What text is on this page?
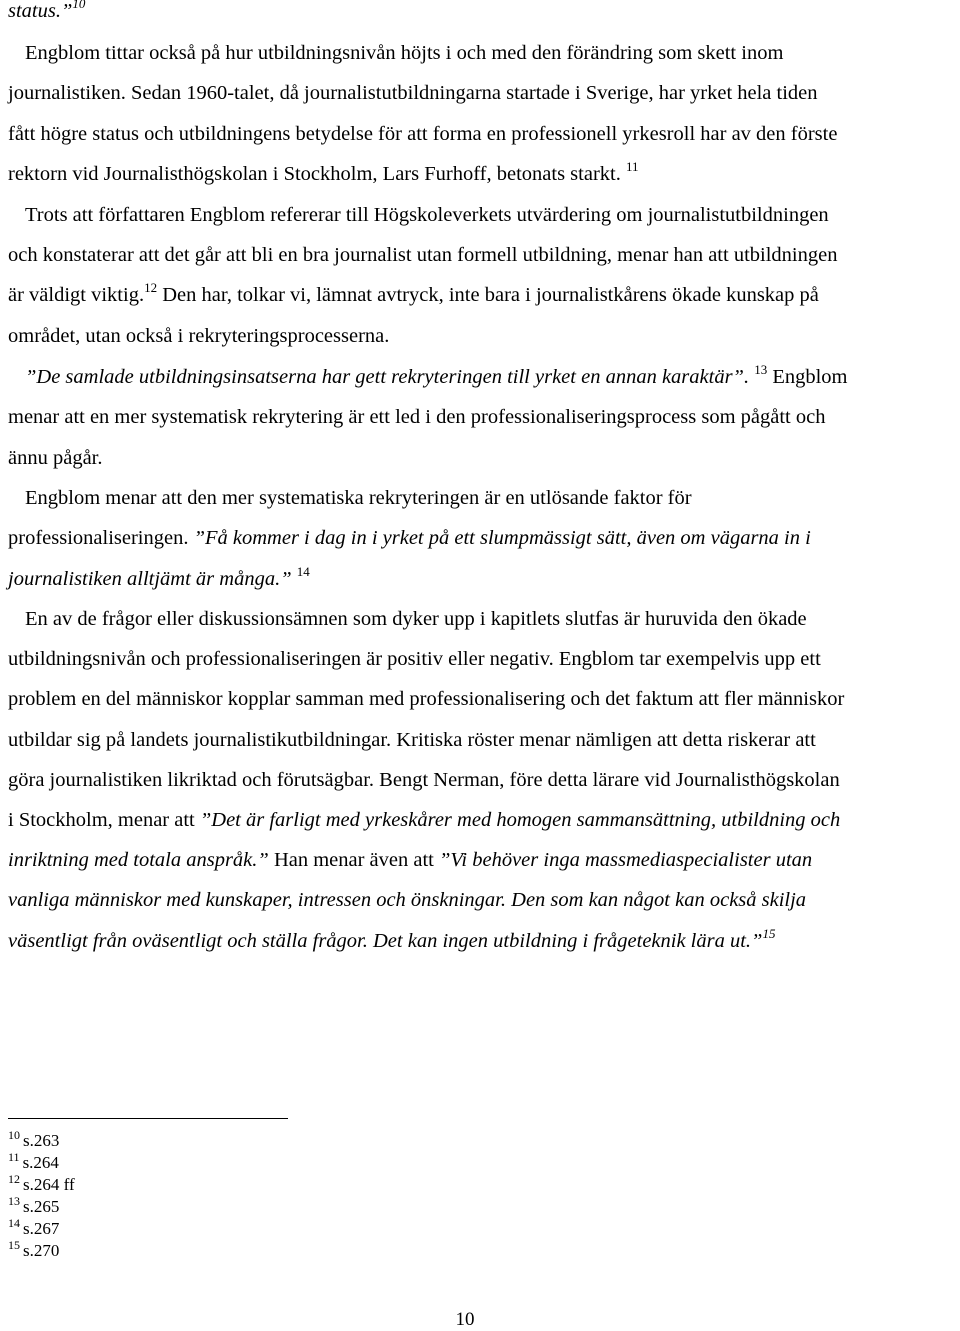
status.”$^{10}$
Engblom tittar också på hur utbildningsnivån höjts i och med den förändring som skett inom
journalistiken. Sedan 1960-talet, då journalistutbildningarna startade i Sverige, har yrket hela tiden
fått högre status och utbildningens betydelse för att forma en professionell yrkesroll har av den förste
rektorn vid Journalisthögskolan i Stockholm, Lars Furhoff, betonats starkt. $^{11}$
Trots att författaren Engblom refererar till Högskoleverkets utvärdering om journalistutbildningen
och konstaterar att det går att bli en bra journalist utan formell utbildning, menar han att utbildningen
är väldigt viktig.$^{12}$ Den har, tolkar vi, lämnat avtryck, inte bara i journalistkårens ökade kunskap på
området, utan också i rekryteringsprocesserna.
”De samlade utbildningsinsatserna har gett rekryteringen till yrket en annan karaktär”. $^{13}$ Engblom
menar att en mer systematisk rekrytering är ett led i den professionaliseringsprocess som pågått och
ännu pågår.
Engblom menar att den mer systematiska rekryteringen är en utlösande faktor för
professionaliseringen. ”Få kommer i dag in i yrket på ett slumpmässigt sätt, även om vägarna in i
journalistiken alltjämt är många.” $^{14}$
En av de frågor eller diskussionsämnen som dyker upp i kapitlets slutfas är huruvida den ökade
utbildningsnivån och professionaliseringen är positiv eller negativ. Engblom tar exempelvis upp ett
problem en del människor kopplar samman med professionalisering och det faktum att fler människor
utbildar sig på landets journalistikutbildningar. Kritiska röster menar nämligen att detta riskerar att
göra journalistiken likriktad och förutsägbar. Bengt Nerman, före detta lärare vid Journalisthögskolan
i Stockholm, menar att ”Det är farligt med yrkeskårer med homogen sammansättning, utbildning och
inriktning med totala anspråk.” Han menar även att ”Vi behöver inga massmediaspecialister utan
vanliga människor med kunskaper, intressen och önskningar. Den som kan något kan också skilja
väsentligt från oväsentligt och ställa frågor. Det kan ingen utbildning i frågeteknik lära ut.”$^{15}$
$^{10}$ s.263
$^{11}$ s.264
$^{12}$ s.264 ff
$^{13}$ s.265
$^{14}$ s.267
$^{15}$ s.270
10
